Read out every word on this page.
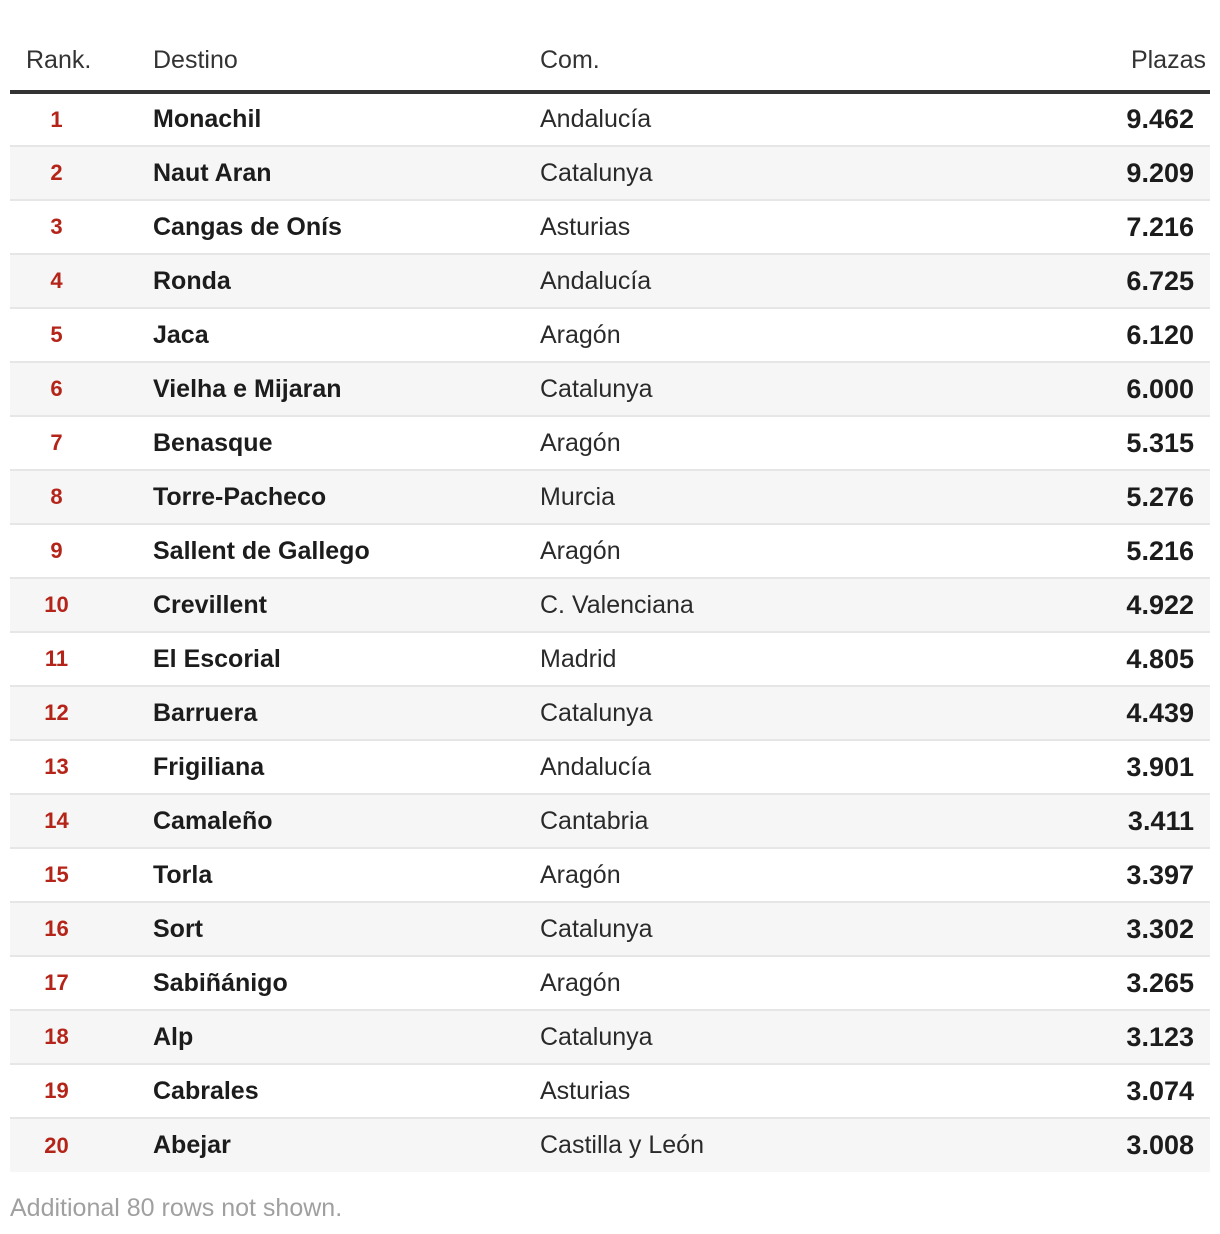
Rank.	Destino	Com.	Plazas
1	Monachil	Andalucía	9.462
2	Naut Aran	Catalunya	9.209
3	Cangas de Onís	Asturias	7.216
4	Ronda	Andalucía	6.725
5	Jaca	Aragón	6.120
6	Vielha e Mijaran	Catalunya	6.000
7	Benasque	Aragón	5.315
8	Torre-Pacheco	Murcia	5.276
9	Sallent de Gallego	Aragón	5.216
10	Crevillent	C. Valenciana	4.922
11	El Escorial	Madrid	4.805
12	Barruera	Catalunya	4.439
13	Frigiliana	Andalucía	3.901
14	Camaleño	Cantabria	3.411
15	Torla	Aragón	3.397
16	Sort	Catalunya	3.302
17	Sabiñánigo	Aragón	3.265
18	Alp	Catalunya	3.123
19	Cabrales	Asturias	3.074
20	Abejar	Castilla y León	3.008
Additional 80 rows not shown.
